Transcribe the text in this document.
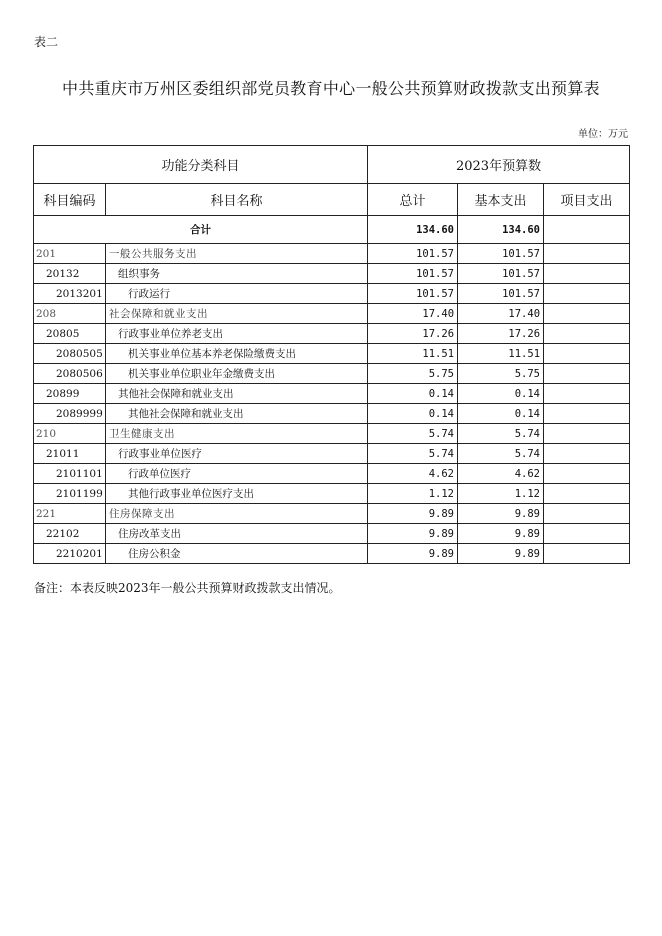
表二
中共重庆市万州区委组织部党员教育中心一般公共预算财政拨款支出预算表
单位：万元
功能分类科目		2023年预算数		
科目编码	科目名称	总计	基本支出	项目支出
合计		134.60	134.60	
201	一般公共服务支出	101.57	101.57	
20132	组织事务	101.57	101.57	
2013201	行政运行	101.57	101.57	
208	社会保障和就业支出	17.40	17.40	
20805	行政事业单位养老支出	17.26	17.26	
2080505	机关事业单位基本养老保险缴费支出	11.51	11.51	
2080506	机关事业单位职业年金缴费支出	5.75	5.75	
20899	其他社会保障和就业支出	0.14	0.14	
2089999	其他社会保障和就业支出	0.14	0.14	
210	卫生健康支出	5.74	5.74	
21011	行政事业单位医疗	5.74	5.74	
2101101	行政单位医疗	4.62	4.62	
2101199	其他行政事业单位医疗支出	1.12	1.12	
221	住房保障支出	9.89	9.89	
22102	住房改革支出	9.89	9.89	
2210201	住房公积金	9.89	9.89	
备注：本表反映2023年一般公共预算财政拨款支出情况。
